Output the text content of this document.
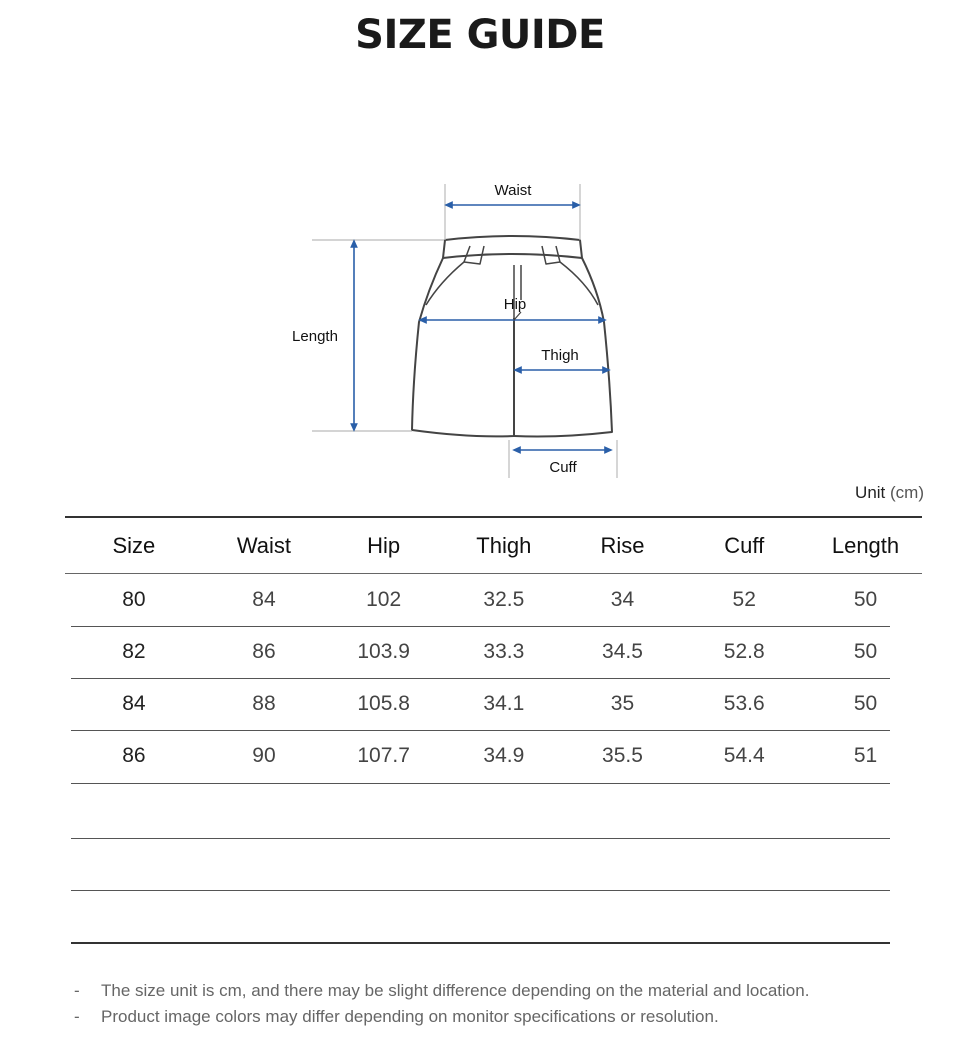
SIZE GUIDE
Waist
Hip
Thigh
Length
Cuff
Unit (cm)
Size	Waist	Hip	Thigh	Rise	Cuff	Length
80	84	102	32.5	34	52	50
82	86	103.9	33.3	34.5	52.8	50
84	88	105.8	34.1	35	53.6	50
86	90	107.7	34.9	35.5	54.4	51
- The size unit is cm, and there may be slight difference depending on the material and location.
- Product image colors may differ depending on monitor specifications or resolution.
